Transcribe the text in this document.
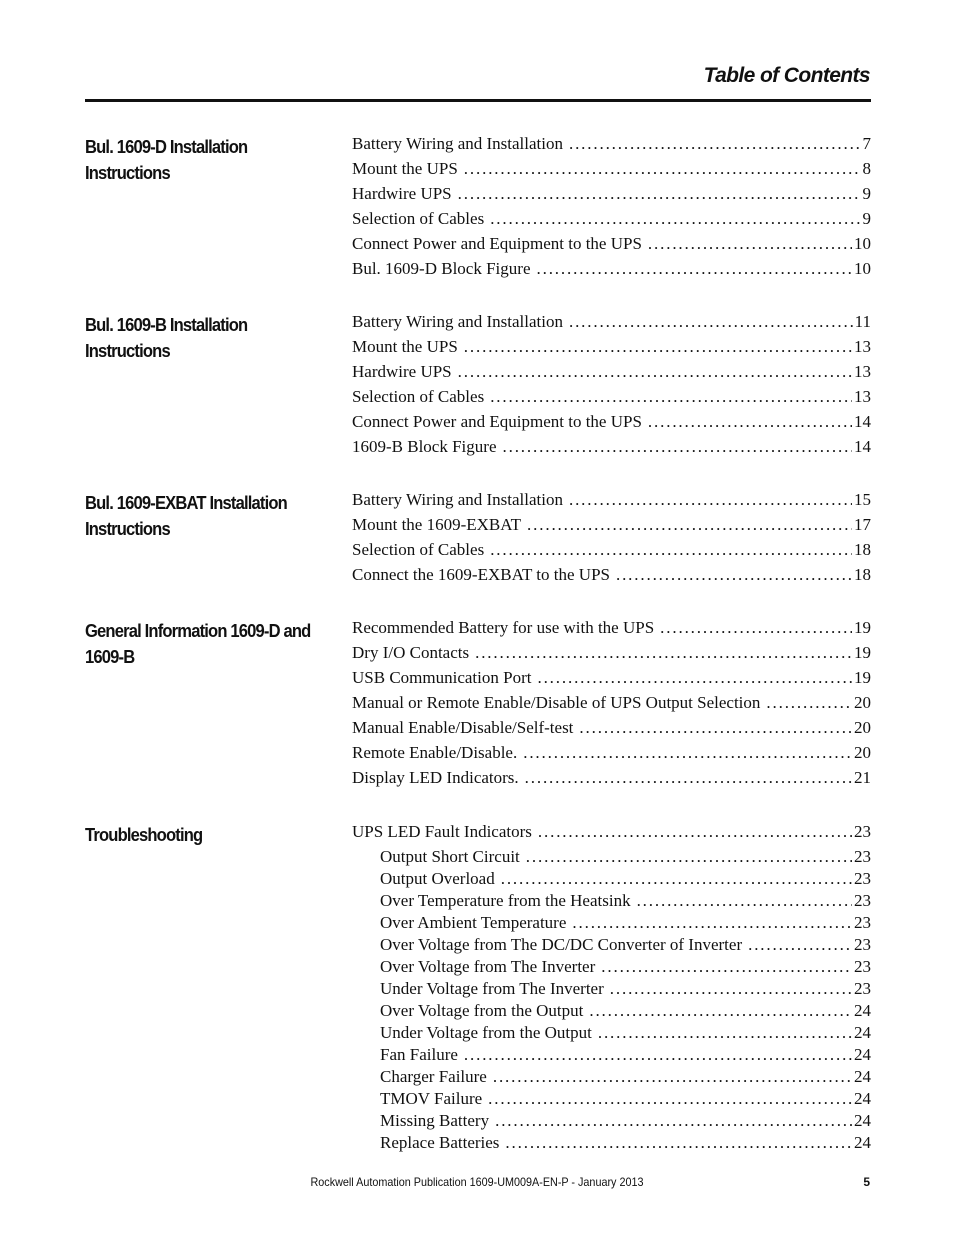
Table of Contents
Bul. 1609-D Installation Instructions
Battery Wiring and Installation . . .	7
Mount the UPS . . .	8
Hardwire UPS . . .	9
Selection of Cables . . .	9
Connect Power and Equipment to the UPS . . .	10
Bul. 1609-D Block Figure . . .	10
Bul. 1609-B Installation Instructions
Battery Wiring and Installation . . .	11
Mount the UPS . . .	13
Hardwire UPS . . .	13
Selection of Cables . . .	13
Connect Power and Equipment to the UPS . . .	14
1609-B Block Figure . . .	14
Bul. 1609-EXBAT Installation Instructions
Battery Wiring and Installation . . .	15
Mount the 1609-EXBAT . . .	17
Selection of Cables . . .	18
Connect the 1609-EXBAT to the UPS . . .	18
General Information 1609-D and 1609-B
Recommended Battery for use with the UPS . . .	19
Dry I/O Contacts . . .	19
USB Communication Port . . .	19
Manual or Remote Enable/Disable of UPS Output Selection . . .	20
Manual Enable/Disable/Self-test . . .	20
Remote Enable/Disable. . . .	20
Display LED Indicators. . . .	21
Troubleshooting	UPS LED Fault Indicators . . .	23
Output Short Circuit . . .	23
Output Overload . . .	23
Over Temperature from the Heatsink . . .	23
Over Ambient Temperature . . .	23
Over Voltage from The DC/DC Converter of Inverter . . .	23
Over Voltage from The Inverter . . .	23
Under Voltage from The Inverter . . .	23
Over Voltage from the Output . . .	24
Under Voltage from the Output . . .	24
Fan Failure . . .	24
Charger Failure . . .	24
TMOV Failure . . .	24
Missing Battery . . .	24
Replace Batteries . . .	24
Rockwell Automation Publication 1609-UM009A-EN-P - January 2013	5
